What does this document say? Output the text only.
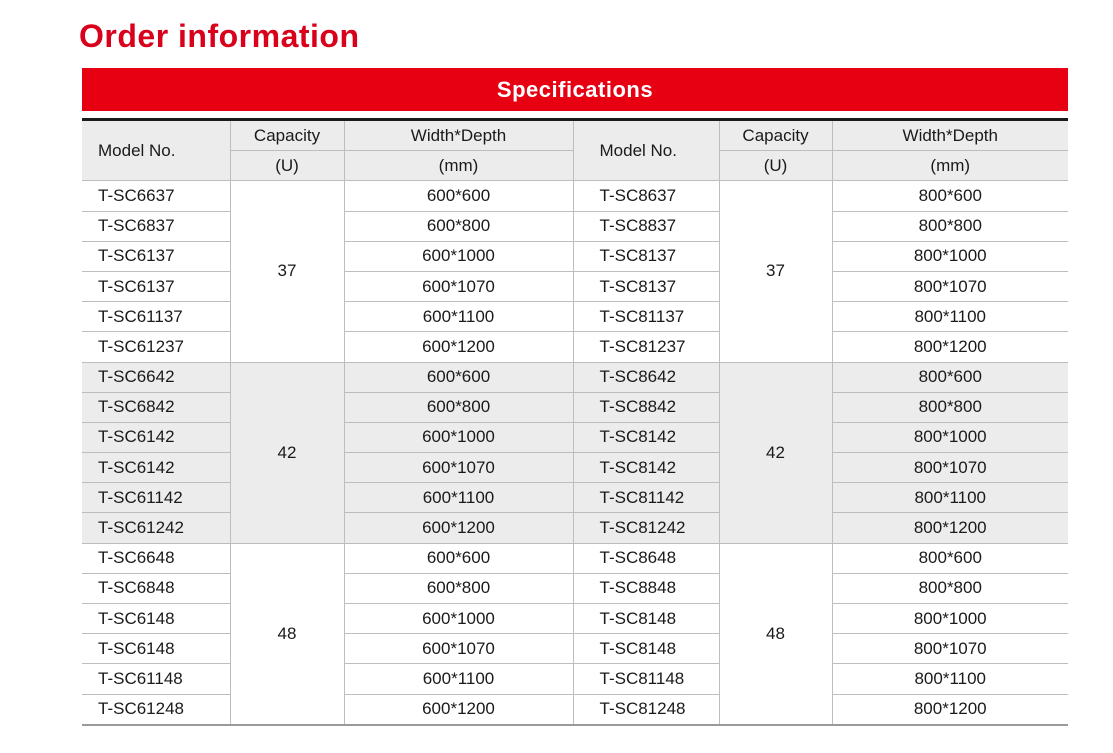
Order information
Specifications
Model No.	Capacity	Width*Depth	Model No.	Capacity	Width*Depth
	(U)	(mm)		(U)	(mm)
T-SC6637	37	600*600	T-SC8637	37	800*600
T-SC6837		600*800	T-SC8837		800*800
T-SC6137		600*1000	T-SC8137		800*1000
T-SC6137		600*1070	T-SC8137		800*1070
T-SC61137		600*1100	T-SC81137		800*1100
T-SC61237		600*1200	T-SC81237		800*1200
T-SC6642	42	600*600	T-SC8642	42	800*600
T-SC6842		600*800	T-SC8842		800*800
T-SC6142		600*1000	T-SC8142		800*1000
T-SC6142		600*1070	T-SC8142		800*1070
T-SC61142		600*1100	T-SC81142		800*1100
T-SC61242		600*1200	T-SC81242		800*1200
T-SC6648	48	600*600	T-SC8648	48	800*600
T-SC6848		600*800	T-SC8848		800*800
T-SC6148		600*1000	T-SC8148		800*1000
T-SC6148		600*1070	T-SC8148		800*1070
T-SC61148		600*1100	T-SC81148		800*1100
T-SC61248		600*1200	T-SC81248		800*1200
